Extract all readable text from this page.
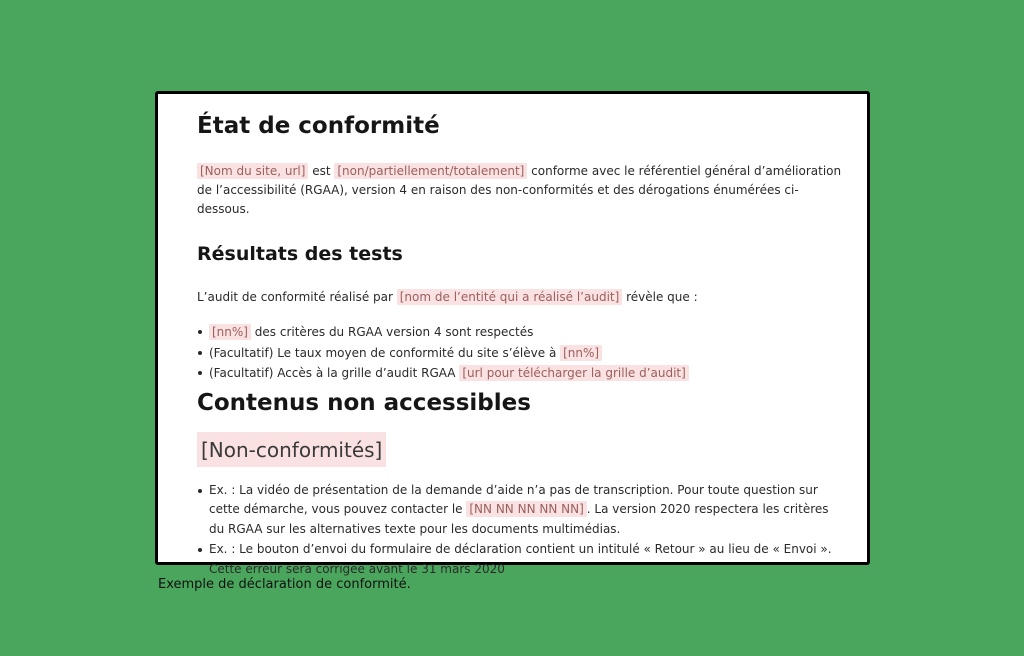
État de conformité

[Nom du site, url] est [non/partiellement/totalement] conforme avec le référentiel général d’amélioration de l’accessibilité (RGAA), version 4 en raison des non-conformités et des dérogations énumérées ci-dessous.

Résultats des tests

L’audit de conformité réalisé par [nom de l’entité qui a réalisé l’audit] révèle que :

[nn%] des critères du RGAA version 4 sont respectés
(Facultatif) Le taux moyen de conformité du site s’élève à [nn%]
(Facultatif) Accès à la grille d’audit RGAA [url pour télécharger la grille d’audit]
Contenus non accessibles
[Non-conformités]
Ex. : La vidéo de présentation de la demande d’aide n’a pas de transcription. Pour toute question sur cette démarche, vous pouvez contacter le [NN NN NN NN NN] . La version 2020 respectera les critères du RGAA sur les alternatives texte pour les documents multimédias.
Ex. : Le bouton d’envoi du formulaire de déclaration contient un intitulé « Retour » au lieu de « Envoi ». Cette erreur sera corrigée avant le 31 mars 2020
Exemple de déclaration de conformité.
